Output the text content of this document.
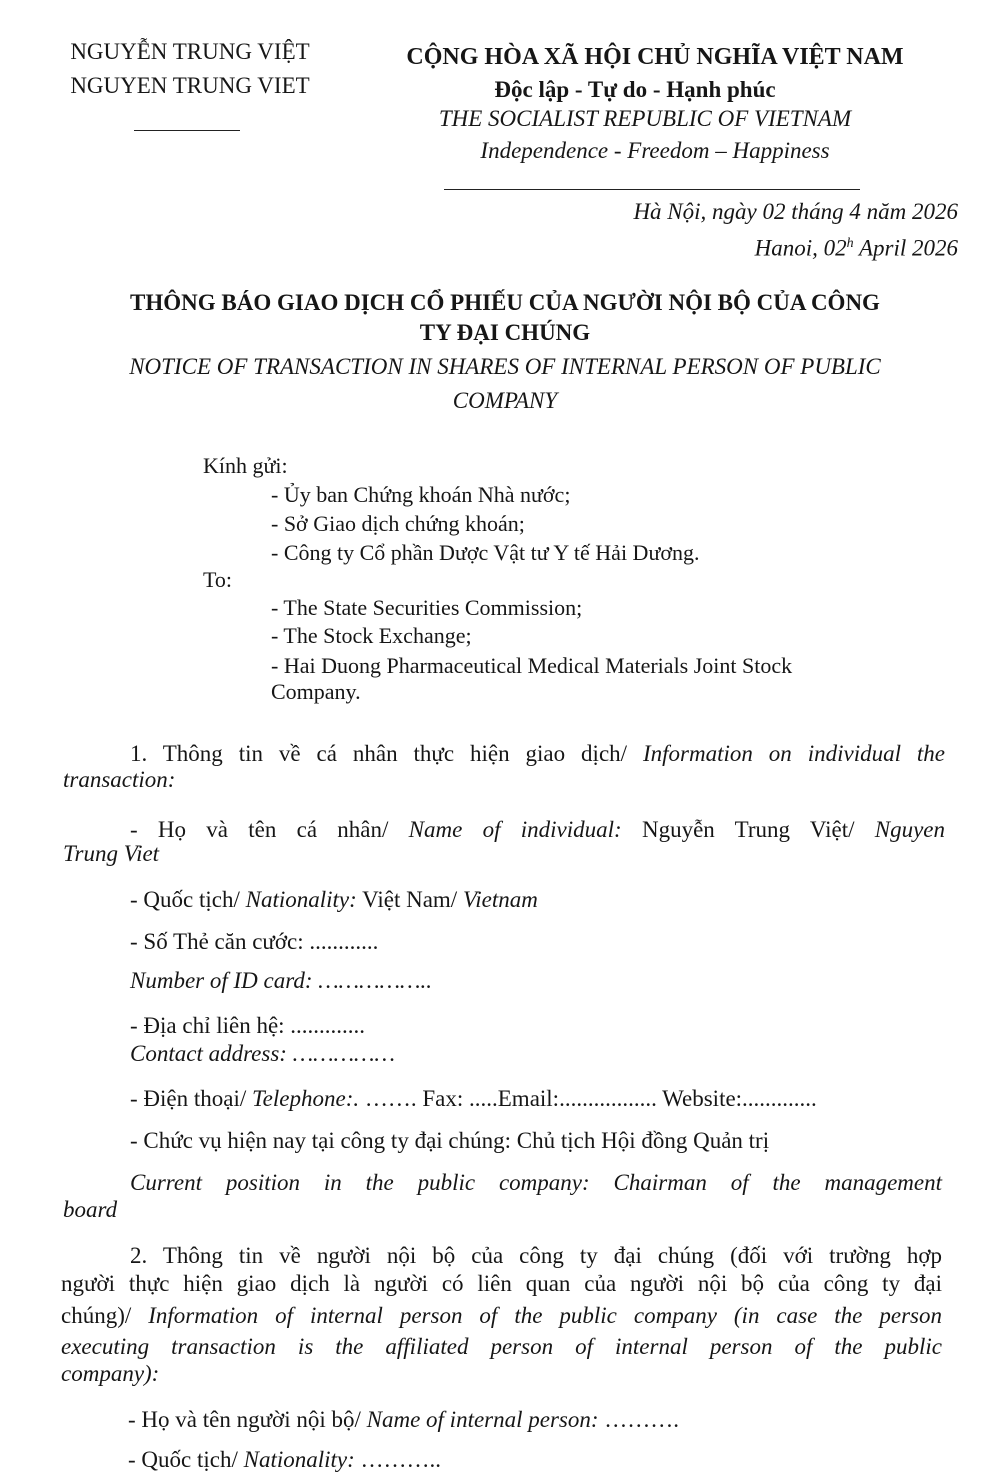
NGUYỄN TRUNG VIỆT
NGUYEN TRUNG VIET
CỘNG HÒA XÃ HỘI CHỦ NGHĨA VIỆT NAM
Độc lập - Tự do - Hạnh phúc
THE SOCIALIST REPUBLIC OF VIETNAM
Independence - Freedom – Happiness
Hà Nội, ngày 02 tháng 4 năm 2026
Hanoi, 02$^h$ April 2026
THÔNG BÁO GIAO DỊCH CỔ PHIẾU CỦA NGƯỜI NỘI BỘ CỦA CÔNG
TY ĐẠI CHÚNG
NOTICE OF TRANSACTION IN SHARES OF INTERNAL PERSON OF PUBLIC
COMPANY
Kính gửi:
- Ủy ban Chứng khoán Nhà nước;
- Sở Giao dịch chứng khoán;
- Công ty Cổ phần Dược Vật tư Y tế Hải Dương.
To:
- The State Securities Commission;
- The Stock Exchange;
- Hai Duong Pharmaceutical Medical Materials Joint Stock
Company.
1. Thông tin về cá nhân thực hiện giao dịch/ Information on individual the
transaction:
- Họ và tên cá nhân/ Name of individual: Nguyễn Trung Việt/ Nguyen
Trung Viet
- Quốc tịch/ Nationality: Việt Nam/ Vietnam
- Số Thẻ căn cước: ............
Number of ID card: ……………..
- Địa chỉ liên hệ: .............
Contact address: ……………
- Điện thoại/ Telephone:. ……. Fax: .....Email:................. Website:.............
- Chức vụ hiện nay tại công ty đại chúng: Chủ tịch Hội đồng Quản trị
Current position in the public company: Chairman of the management
board
2. Thông tin về người nội bộ của công ty đại chúng (đối với trường hợp
người thực hiện giao dịch là người có liên quan của người nội bộ của công ty đại
chúng)/ Information of internal person of the public company (in case the person
executing transaction is the affiliated person of internal person of the public
company):
- Họ và tên người nội bộ/ Name of internal person: ……….
- Quốc tịch/ Nationality: ………..
